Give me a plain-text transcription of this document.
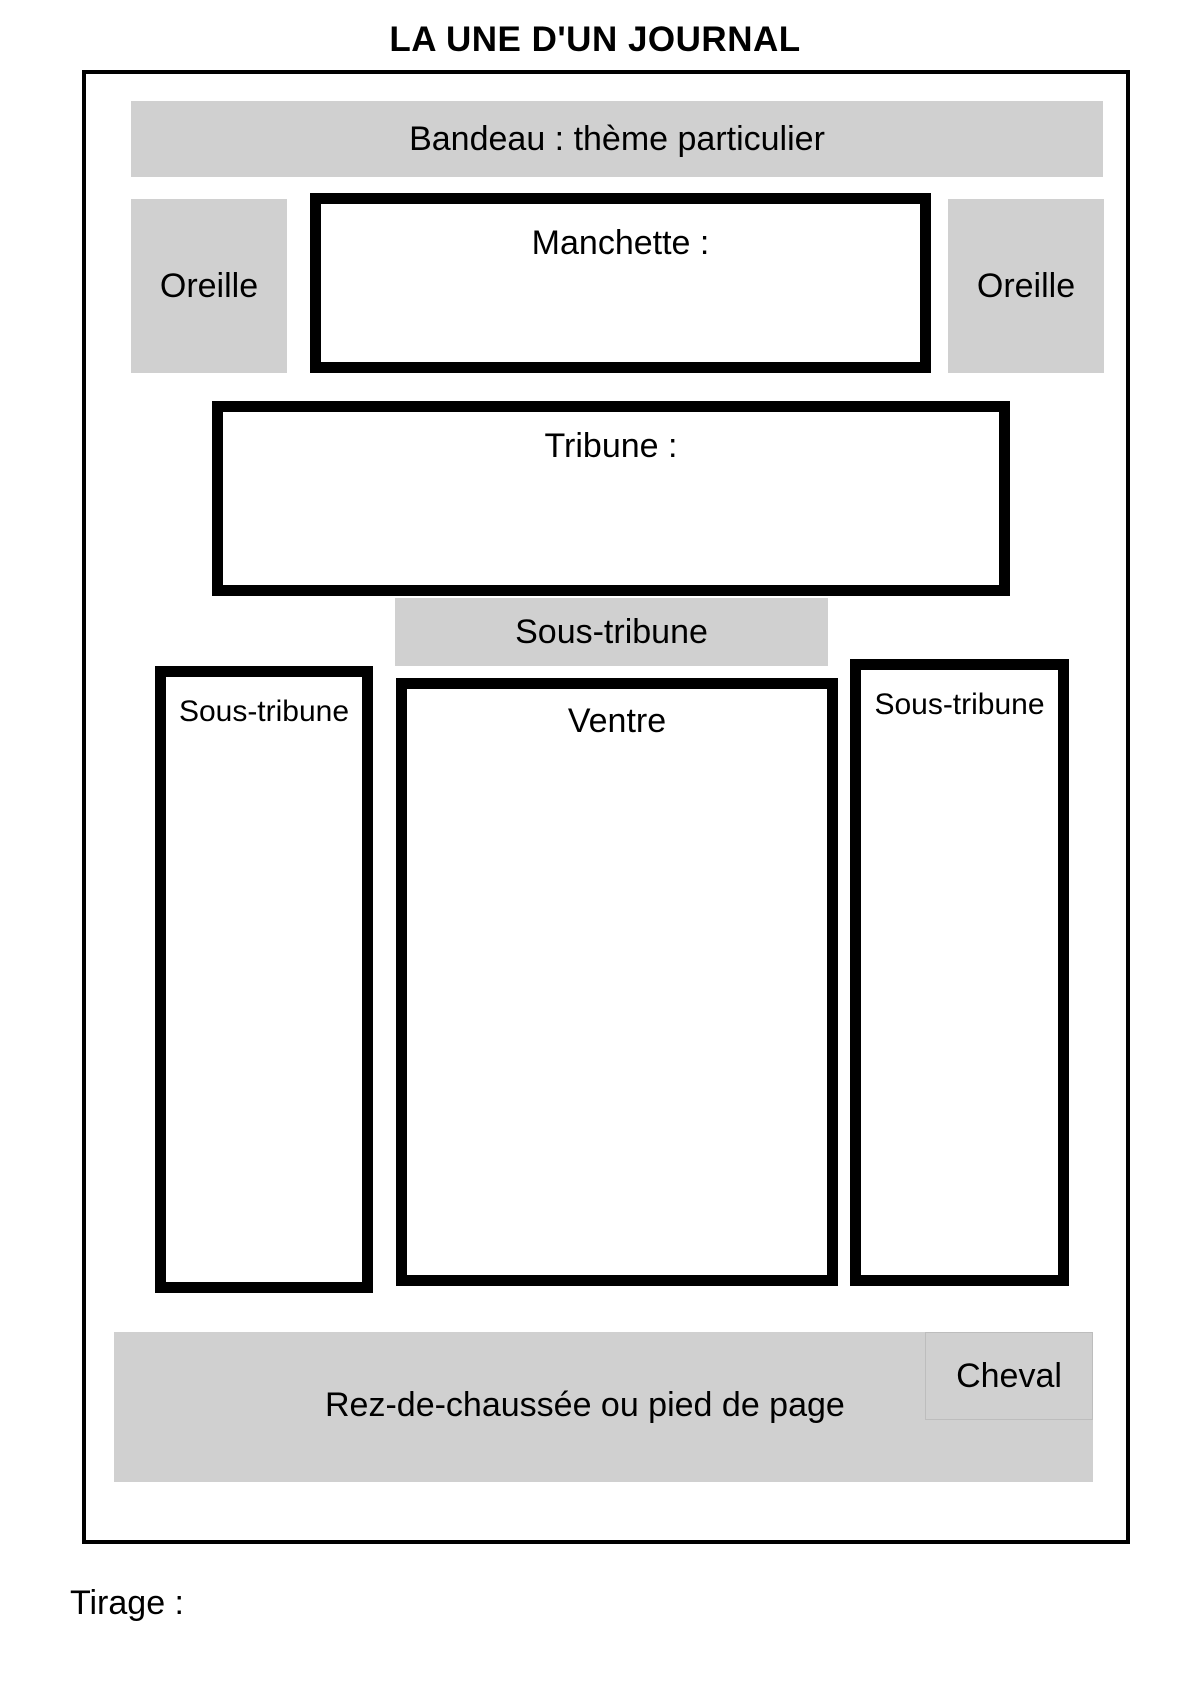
LA UNE D'UN JOURNAL
Bandeau : thème particulier
Oreille
Manchette :
Oreille
Tribune :
Sous-tribune
Sous-tribune	Ventre	Sous-tribune
Rez-de-chaussée ou pied de page
Cheval
Tirage :
